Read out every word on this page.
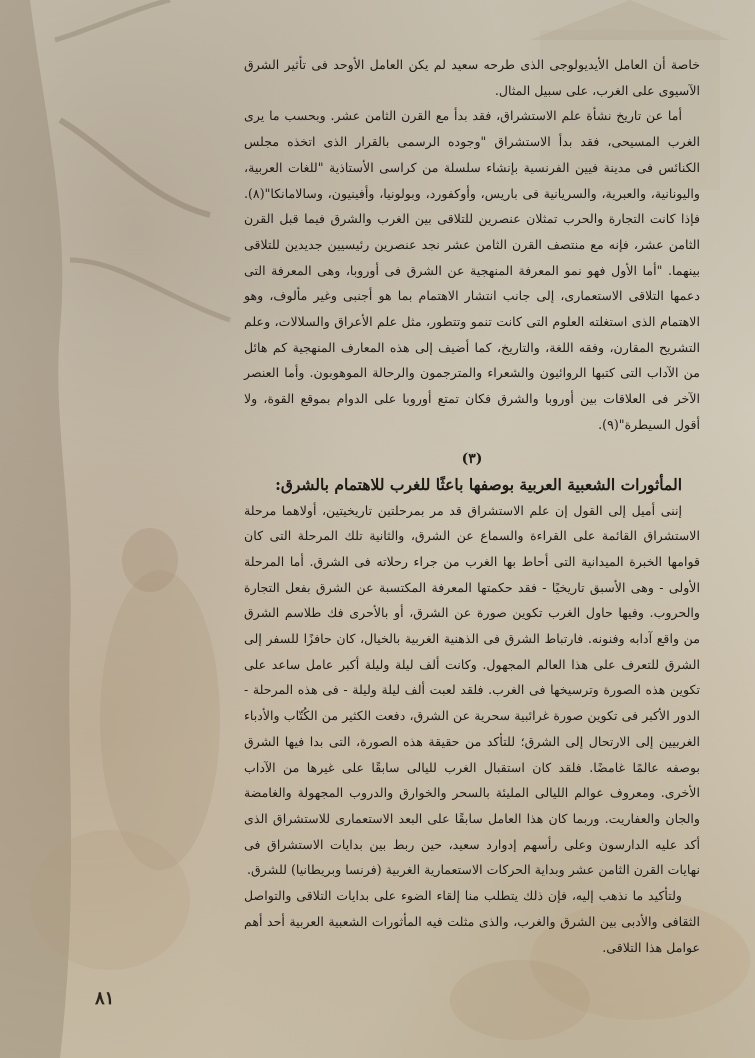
خاصة أن العامل الأيديولوجى الذى طرحه سعيد لم يكن العامل الأوحد فى تأثير الشرق الآسيوى على الغرب، على سبيل المثال.

أما عن تاريخ نشأة علم الاستشراق، فقد بدأ مع القرن الثامن عشر. وبحسب ما يرى الغرب المسيحى، فقد بدأ الاستشراق "وجوده الرسمى بالقرار الذى اتخذه مجلس الكنائس فى مدينة فيين الفرنسية بإنشاء سلسلة من كراسى الأستاذية "للغات العربية، واليونانية، والعبرية، والسريانية فى باريس، وأوكفورد، وبولونيا، وأفينيون، وسالامانكا"(٨). فإذا كانت التجارة والحرب تمثلان عنصرين للتلاقى بين الغرب والشرق فيما قبل القرن الثامن عشر، فإنه مع منتصف القرن الثامن عشر نجد عنصرين رئيسيين جديدين للتلاقى بينهما. "أما الأول فهو نمو المعرفة المنهجية عن الشرق فى أوروبا، وهى المعرفة التى دعمها التلاقى الاستعمارى، إلى جانب انتشار الاهتمام بما هو أجنبى وغير مألوف، وهو الاهتمام الذى استغلته العلوم التى كانت تنمو وتتطور، مثل علم الأعراق والسلالات، وعلم التشريح المقارن، وفقه اللغة، والتاريخ، كما أضيف إلى هذه المعارف المنهجية كم هائل من الآداب التى كتبها الروائيون والشعراء والمترجمون والرحالة الموهوبون. وأما العنصر الآخر فى العلاقات بين أوروبا والشرق فكان تمتع أوروبا على الدوام بموقع القوة، ولا أقول السيطرة"(٩).

(٣)

المأثورات الشعبية العربية بوصفها باعثًا للغرب للاهتمام بالشرق:

إننى أميل إلى القول إن علم الاستشراق قد مر بمرحلتين تاريخيتين، أولاهما مرحلة الاستشراق القائمة على القراءة والسماع عن الشرق، والثانية تلك المرحلة التى كان قوامها الخبرة الميدانية التى أحاط بها الغرب من جراء رحلاته فى الشرق. أما المرحلة الأولى - وهى الأسبق تاريخيًا - فقد حكمتها المعرفة المكتسبة عن الشرق بفعل التجارة والحروب. وفيها حاول الغرب تكوين صورة عن الشرق، أو بالأحرى فك طلاسم الشرق من واقع آدابه وفنونه. فارتباط الشرق فى الذهنية الغربية بالخيال، كان حافزًا للسفر إلى الشرق للتعرف على هذا العالم المجهول. وكانت ألف ليلة وليلة أكبر عامل ساعد على تكوين هذه الصورة وترسيخها فى الغرب. فلقد لعبت ألف ليلة وليلة - فى هذه المرحلة - الدور الأكبر فى تكوين صورة غرائبية سحرية عن الشرق، دفعت الكثير من الكُتّاب والأدباء الغربيين إلى الارتحال إلى الشرق؛ للتأكد من حقيقة هذه الصورة، التى بدا فيها الشرق بوصفه عالمًا غامضًا. فلقد كان استقبال الغرب لليالى سابقًا على غيرها من الآداب الأخرى. ومعروف عوالم الليالى المليئة بالسحر والخوارق والدروب المجهولة والغامضة والجان والعفاريت. وربما كان هذا العامل سابقًا على البعد الاستعمارى للاستشراق الذى أكد عليه الدارسون وعلى رأسهم إدوارد سعيد، حين ربط بين بدايات الاستشراق فى نهايات القرن الثامن عشر وبداية الحركات الاستعمارية الغربية (فرنسا وبريطانيا) للشرق.

ولتأكيد ما نذهب إليه، فإن ذلك يتطلب منا إلقاء الضوء على بدايات التلاقى والتواصل الثقافى والأدبى بين الشرق والغرب، والذى مثلت فيه المأثورات الشعبية العربية أحد أهم عوامل هذا التلاقى.

٨١
